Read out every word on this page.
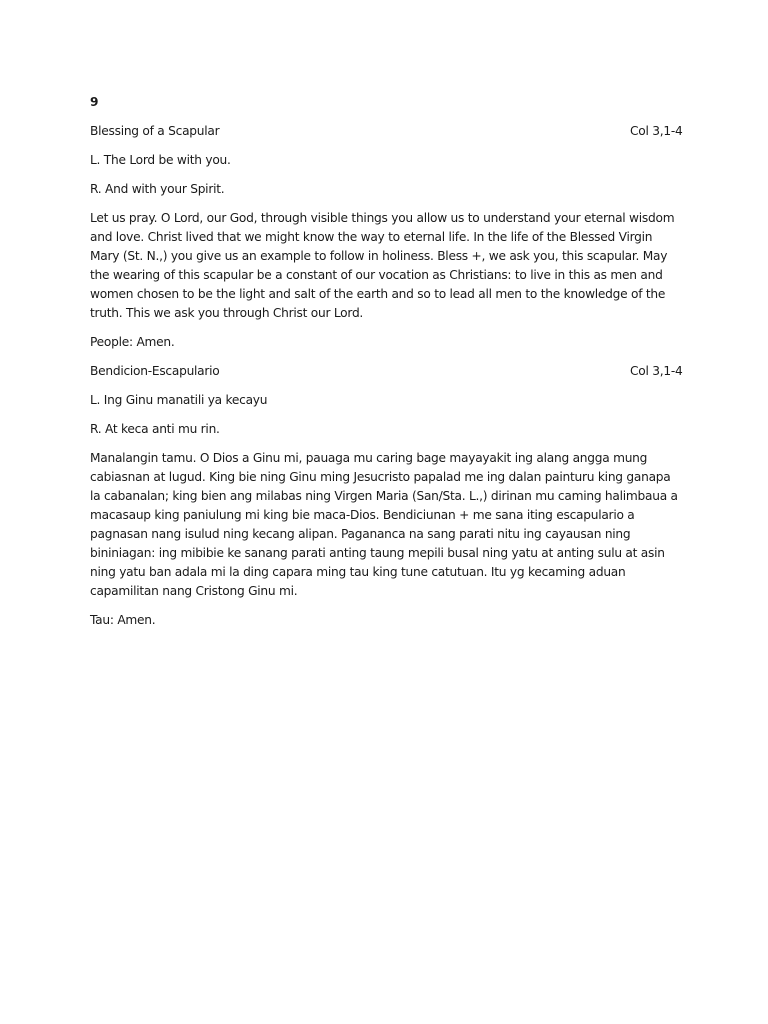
9

Blessing of a Scapular	Col 3,1-4

L. The Lord be with you.

R. And with your Spirit.

Let us pray. O Lord, our God, through visible things you allow us to understand your eternal wisdom and love. Christ lived that we might know the way to eternal life. In the life of the Blessed Virgin Mary (St. N.,) you give us an example to follow in holiness. Bless +, we ask you, this scapular. May the wearing of this scapular be a constant of our vocation as Christians: to live in this as men and women chosen to be the light and salt of the earth and so to lead all men to the knowledge of the truth. This we ask you through Christ our Lord.

People: Amen.

Bendicion-Escapulario	Col 3,1-4

L. Ing Ginu manatili ya kecayu

R. At keca anti mu rin.

Manalangin tamu. O Dios a Ginu mi, pauaga mu caring bage mayayakit ing alang angga mung cabiasnan at lugud. King bie ning Ginu ming Jesucristo papalad me ing dalan painturu king ganapa la cabanalan; king bien ang milabas ning Virgen Maria (San/Sta. L.,) dirinan mu caming halimbaua a macasaup king paniulung mi king bie maca-Dios. Bendiciunan + me sana iting escapulario a pagnasan nang isulud ning kecang alipan. Pagananca na sang parati nitu ing cayausan ning bininiagan: ing mibibie ke sanang parati anting taung mepili busal ning yatu at anting sulu at asin ning yatu ban adala mi la ding capara ming tau king tune catutuan. Itu yg kecaming aduan capamilitan nang Cristong Ginu mi.

Tau: Amen.
